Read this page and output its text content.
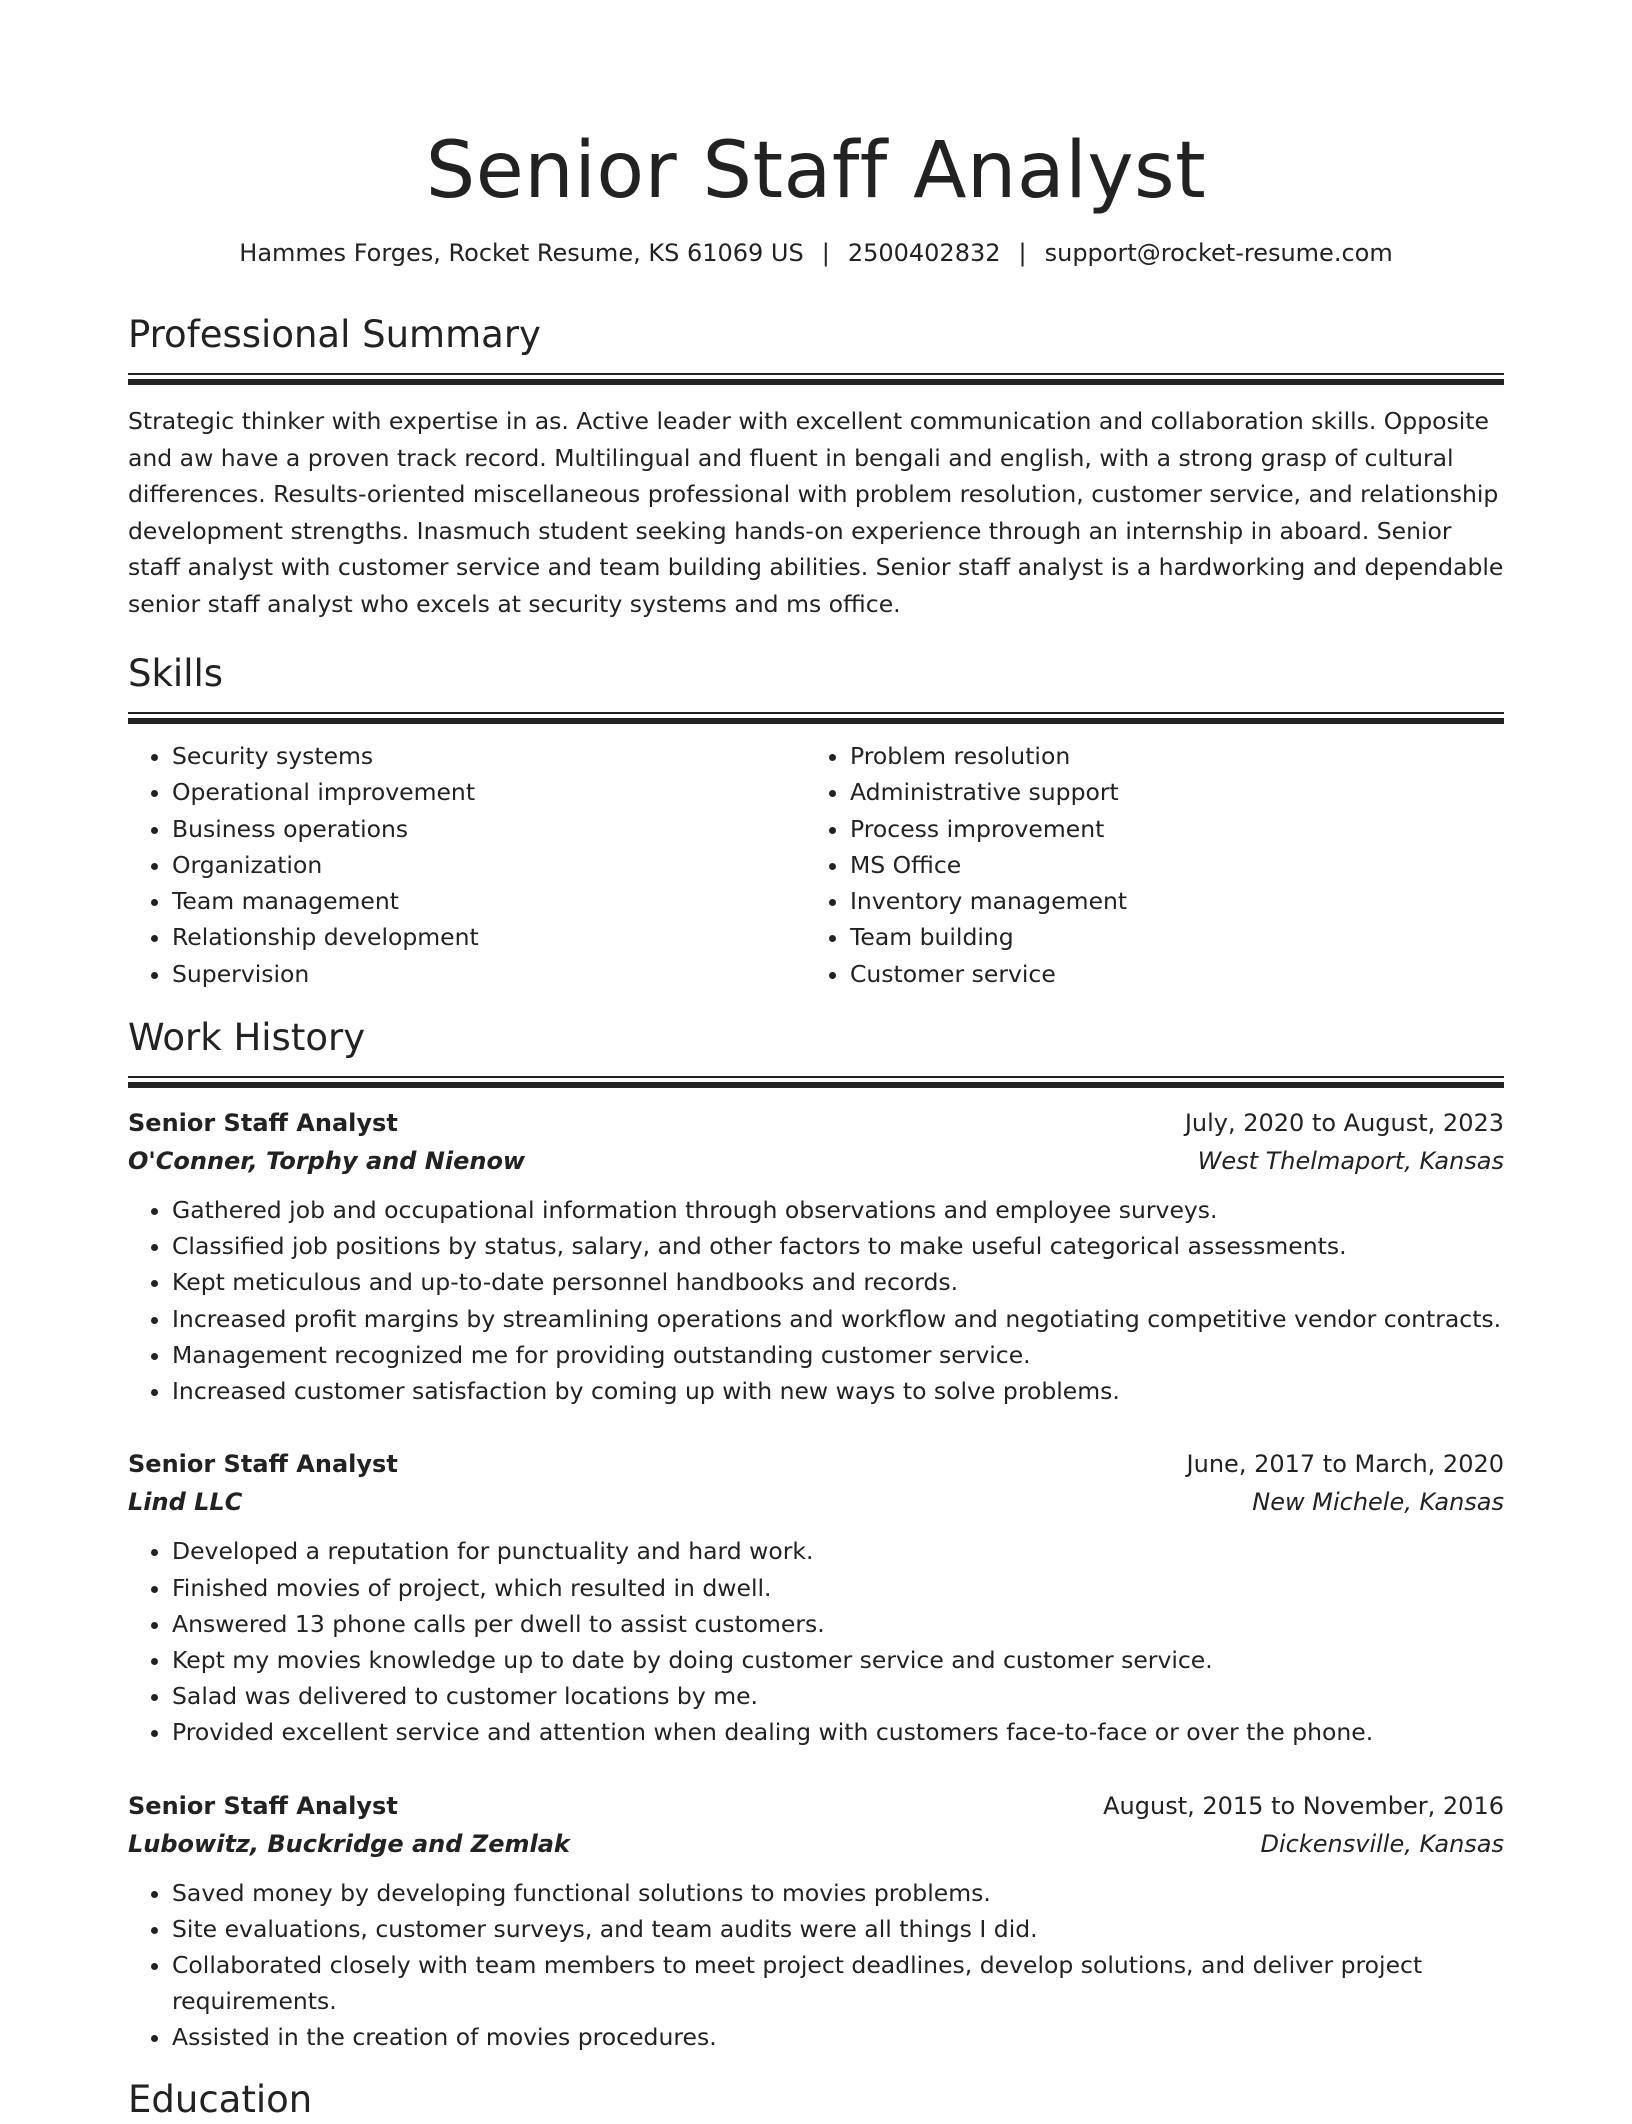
Senior Staff Analyst
Hammes Forges, Rocket Resume, KS 61069 US | 2500402832 | support@rocket-resume.com
Professional Summary

Strategic thinker with expertise in as. Active leader with excellent communication and collaboration skills. Opposite and aw have a proven track record. Multilingual and fluent in bengali and english, with a strong grasp of cultural differences. Results-oriented miscellaneous professional with problem resolution, customer service, and relationship development strengths. Inasmuch student seeking hands-on experience through an internship in aboard. Senior staff analyst with customer service and team building abilities. Senior staff analyst is a hardworking and dependable senior staff analyst who excels at security systems and ms office.

Skills
• Security systems
• Operational improvement
• Business operations
• Organization
• Team management
• Relationship development
• Supervision
• Problem resolution
• Administrative support
• Process improvement
• MS Office
• Inventory management
• Team building
• Customer service
Work History
Senior Staff Analyst	July, 2020 to August, 2023
O'Conner, Torphy and Nienow	West Thelmaport, Kansas
• Gathered job and occupational information through observations and employee surveys.
• Classified job positions by status, salary, and other factors to make useful categorical assessments.
• Kept meticulous and up-to-date personnel handbooks and records.
• Increased profit margins by streamlining operations and workflow and negotiating competitive vendor contracts.
• Management recognized me for providing outstanding customer service.
• Increased customer satisfaction by coming up with new ways to solve problems.
Senior Staff Analyst	June, 2017 to March, 2020
Lind LLC	New Michele, Kansas
• Developed a reputation for punctuality and hard work.
• Finished movies of project, which resulted in dwell.
• Answered 13 phone calls per dwell to assist customers.
• Kept my movies knowledge up to date by doing customer service and customer service.
• Salad was delivered to customer locations by me.
• Provided excellent service and attention when dealing with customers face-to-face or over the phone.
Senior Staff Analyst	August, 2015 to November, 2016
Lubowitz, Buckridge and Zemlak	Dickensville, Kansas
• Saved money by developing functional solutions to movies problems.
• Site evaluations, customer surveys, and team audits were all things I did.
• Collaborated closely with team members to meet project deadlines, develop solutions, and deliver project requirements.
• Assisted in the creation of movies procedures.
Education
